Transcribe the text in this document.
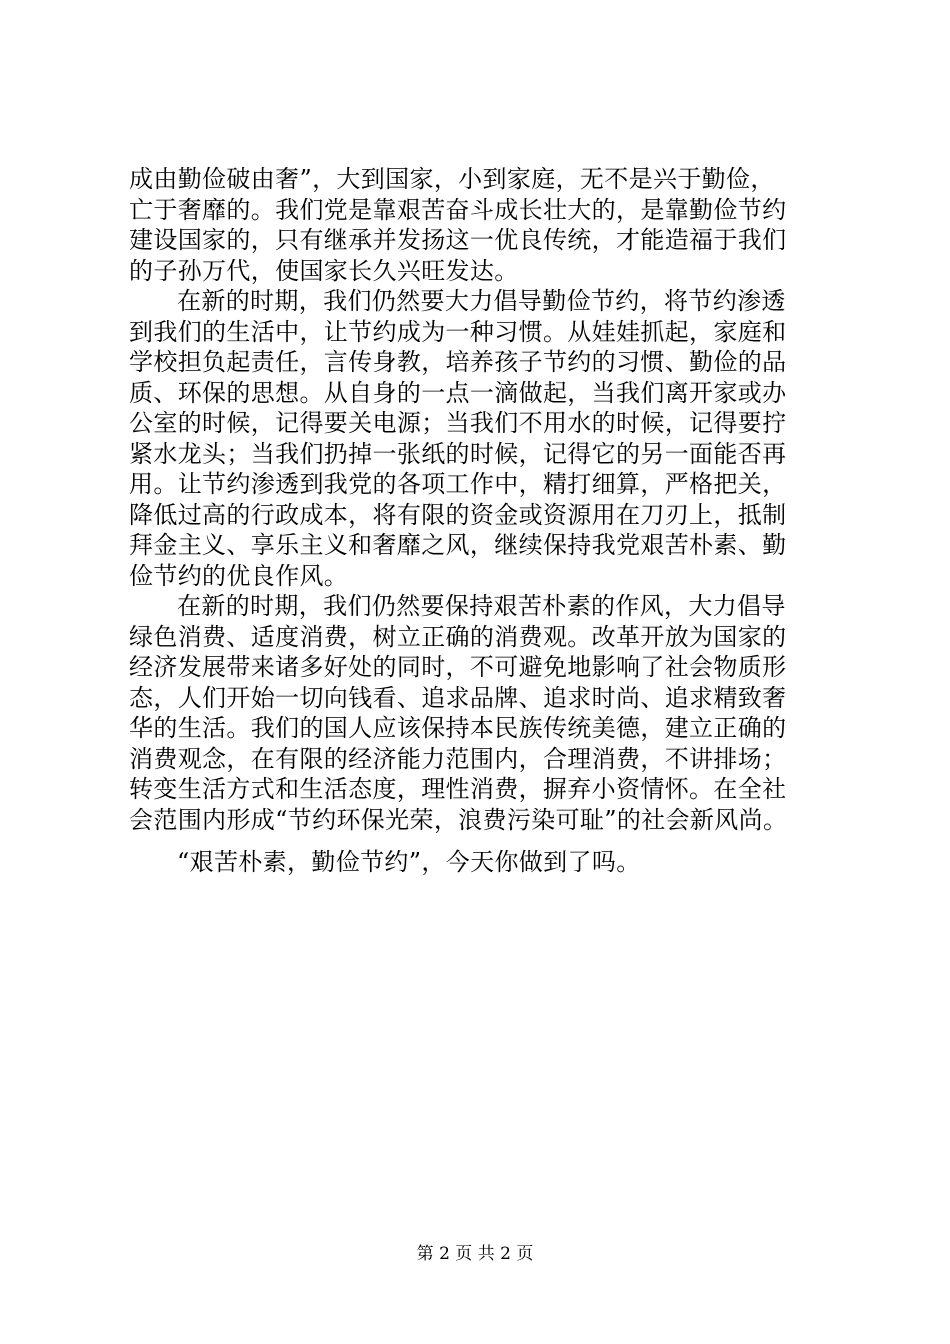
成由勤俭破由奢”，大到国家，小到家庭，无不是兴于勤俭，
亡于奢靡的。我们党是靠艰苦奋斗成长壮大的，是靠勤俭节约
建设国家的，只有继承并发扬这一优良传统，才能造福于我们
的子孙万代，使国家长久兴旺发达。
在新的时期，我们仍然要大力倡导勤俭节约，将节约渗透
到我们的生活中，让节约成为一种习惯。从娃娃抓起，家庭和
学校担负起责任，言传身教，培养孩子节约的习惯、勤俭的品
质、环保的思想。从自身的一点一滴做起，当我们离开家或办
公室的时候，记得要关电源；当我们不用水的时候，记得要拧
紧水龙头；当我们扔掉一张纸的时候，记得它的另一面能否再
用。让节约渗透到我党的各项工作中，精打细算，严格把关，
降低过高的行政成本，将有限的资金或资源用在刀刃上，抵制
拜金主义、享乐主义和奢靡之风，继续保持我党艰苦朴素、勤
俭节约的优良作风。
在新的时期，我们仍然要保持艰苦朴素的作风，大力倡导
绿色消费、适度消费，树立正确的消费观。改革开放为国家的
经济发展带来诸多好处的同时，不可避免地影响了社会物质形
态，人们开始一切向钱看、追求品牌、追求时尚、追求精致奢
华的生活。我们的国人应该保持本民族传统美德，建立正确的
消费观念，在有限的经济能力范围内，合理消费，不讲排场；
转变生活方式和生活态度，理性消费，摒弃小资情怀。在全社
会范围内形成“节约环保光荣，浪费污染可耻”的社会新风尚。
“艰苦朴素，勤俭节约”，今天你做到了吗。
第 2 页 共 2 页
